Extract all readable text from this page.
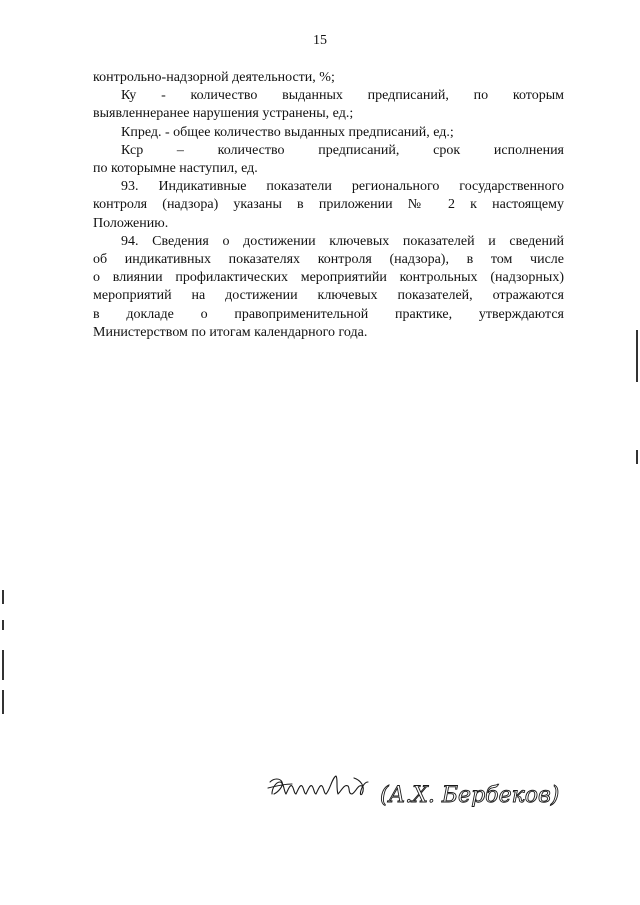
15
контрольно-надзорной деятельности, %;
Ку - количество выданных предписаний, по которым
выявленнеранее нарушения устранены, ед.;
Кпред. - общее количество выданных предписаний, ед.;
Кср – количество предписаний, срок исполнения
по которымне наступил, ед.
93. Индикативные показатели регионального государственного
контроля (надзора) указаны в приложении № 2 к настоящему
Положению.
94. Сведения о достижении ключевых показателей и сведений
об индикативных показателях контроля (надзора), в том числе
о влиянии профилактических мероприятийи контрольных (надзорных)
мероприятий на достижении ключевых показателей, отражаются
в докладе о правоприменительной практике, утверждаются
Министерством по итогам календарного года.
(А.Х. Бербеков)
